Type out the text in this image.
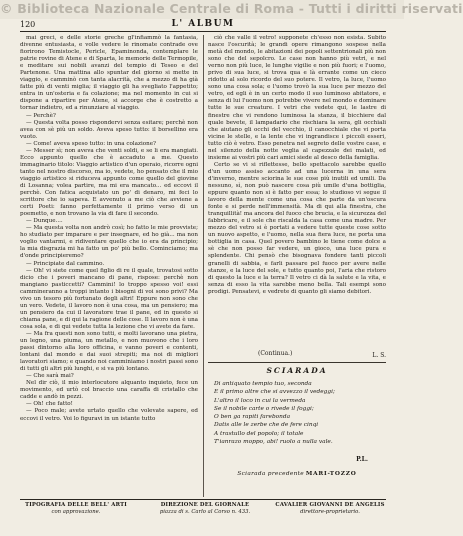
© Biblioteca Nazionale Centrale di Roma - Tutti i diritti riservati
120	L' ALBUM

mai greci, e delle storie greche gl'infiammò la fantasia, divenne entusiasta, e volle vedere le rinomate contrade ove fiorirono Temistocle, Pericle, Epaminonda, contemplare le patrie rovine di Atene e di Sparta, le memorie delle Termopile, e meditare sui nobili avanzi del tempio di Teseo e del Partenone. Una mattina allo spuntar del giorno si mette in viaggio, e camminò con tanta alacrità, che a mezzo di ha già fatte più di venti miglia; il viaggio gli ha svegliato l'appetito; entra in un'osteria e fa colazione; ma nel momento in cui si dispone a ripartire per Atene, si accorge che è costretto a tornar indietro, ed a rinunziare al viaggio.

— Perchè?

— Questa volta posso rispondervi senza esitare; perchè non avea con sè più un soldo. Aveva speso tutto: il borsellino era vuoto.

— Come! aveva speso tutto: in una colazione?

— Messer sì; non aveva che venti soldi, e se li era mangiati. Ecco appunto quello che è accaduto a me. Questo immaginario titolo: Viaggio artistico d'un operaio, ricorre ogni tanto nel nostro discorso, ma io, vedete, ho pensato che il mio viaggio artistico si riduceva appunto come quello del giovine di Losanna; volea partire, ma mi era mancato... ed eccovi il perchè. Con fatica acquistato un po' di denaro, mi feci lo scrittore che io sapeva. E avvenuto a me ciò che avviene a certi Poeti: fanno perfettamente il primo verso di un poemetto, e non trovano la via di fare il secondo.

— Dunque....

— Ma questa volta non andrò così; ho fatto le mie provviste; ho studiato per imparare e per insegnare, ed ho già... ma non voglio vantarmi, e ridiventare quello che io era da principio; la mia disgrazia mi ha fatto un po' più bello. Cominciamo; ma d'onde principieremo?

— Principiate dal cammino.

— Oh! vi siete come quel figlio di re il quale, trovatosi sotto dicio che i poveri mancano di pane, rispose: perchè non mangiano pasticcetti? Cammini! lo troppo spesso voi! essi cammineranno a troppi intanto i bisogni di voi sono privi? Ma vivo un tesoro più fortunato degli altri! Eppure non sono che un vero. Vedete, il lavoro non è una cosa, ma un pensiero; ma un pensiero da cui il lavoratore trae il pane, ed in questo si chiama pane, e di qui la ragione delle cose. Il lavoro non è una cosa sola, e di qui vedete tutta la lezione che vi avete da fare.

— Ma fra questi non sono tutti, e molti lavorano una pietra, un legno, una piuma, un metallo, e non muovono che i loro passi dintorno alla loro officina, e vanno poveri e contenti, lontani dal mondo e dai suoi strepiti; ma noi di migliori lavoratori siamo; e quando noi camminiamo i nostri passi sono di tutti gli altri più lunghi, e si va più lontano.

— Che sarà mai?

Nel dir ciò, il mio interlocutore alquanto inquieto, fece un movimento, ed urtò col braccio una caraffa di cristallo che cadde e andò in pezzi.

— Oh! che fatto!

— Poco male; avete urtato quello che volevate sapere, ed eccovi il vetro. Voi lo figuravi in un istante tutto

ciò che valle il vetro! supponete ch'esso non esista. Subito nasce l'oscurità; le grandi opere rimangono sospese nella metà del mondo, le abitazioni dei popoli settentrionali più non sono che del sepolcro. Le case non hanno più vetri, e nel verno non più luce, le lunghe vigilie e non più fuori; e l'uomo, privo di sua luce, si trova qua e là errante come un cieco ridotto al solo ricordo del suo potere. Il vetro, la luce, l'uomo sono una cosa sola; e l'uomo trovò la sua luce per mezzo del vetro, ed egli è in un certo modo il suo luminoso abitatore, e senza di lui l'uomo non potrebbe vivere nel mondo e dominare tutte le sue creature. I vetri che vedete qui, le lastre di finestre che vi rendono luminosa la stanza, il bicchiere dal quale bevete, il lampadario che rischiara la sera, gli occhiali che aiutano gli occhi del vecchio, il canocchiale che vi porta vicine le stelle, e la lente che vi ingrandisce i piccoli esseri, tutto ciò è vetro. Esso penetra nel segreto delle vostre case, e nel silenzio della notte veglia al capezzale dei malati, ed insieme ai vostri più cari amici siede al desco della famiglia.

Certo se vi si riflettesse, bello spettacolo sarebbe quello d'un uomo assiso accanto ad una lucerna in una sera d'inverno, mentre sciorina le sue cose più inutili ed umili. Da nessuno, sì, non può nascere cosa più umile d'una bottiglia, eppure quanto non si è fatto per essa; lo studioso vi segue il lavoro della mente come una cosa che parte da un'oscura fonte e si perde nell'immensità. Ma di qui alla finestra, che tranquillità! ma ancora del fuoco che brucia, e la sicurezza del fabbricare, e il sole che riscalda la casa come una madre. Per mezzo del vetro si è portati a vedere tutte queste cose sotto un nuovo aspetto, e l'uomo, nella sua fiera luce, ne porta una bottiglia in casa. Quel povero bambino le tiene come dolce a sè che non posso far vedere, un gioco, una luce pura e splendente. Chi pensò che bisognava fondere tanti piccoli granelli di sabbia, e farli passare pel fuoco per avere nelle stanze, e la luce del sole, e tutto quanto poi, l'aria che ristoro di questo la luce e la terra? Il vetro ci dà la salute e la vita, e senza di esso la vita sarebbe meno bella. Tali esempi sono prodigi. Pensatevi, e vedrete di quanto gli siamo debitori.

(Continua.)	L. S.
SCIARADA
Di antiquato tempio tuo, seconda
E il primo altre che si avvezzo il vedeggi;
L'altro il loco in cui la vermeda
Se il nobile carte o rivede il foggi;
O ben ga rapiti farebonda
Datis alle le zerbe che de fere cinqi
A trastullo del popolo; il totale
T'ianrazo moppo, abi! ruolo a nulla vale.
P.L.
Sciarada precedente MARI-TOZZO
TIPOGRAFIA DELLE BELL' ARTI
con approvazione.
DIREZIONE DEL GIORNALE
piazza di s. Carlo al Corso n. 433.
CAVALIER GIOVANNI DE ANGELIS
direttore-proprietario.
